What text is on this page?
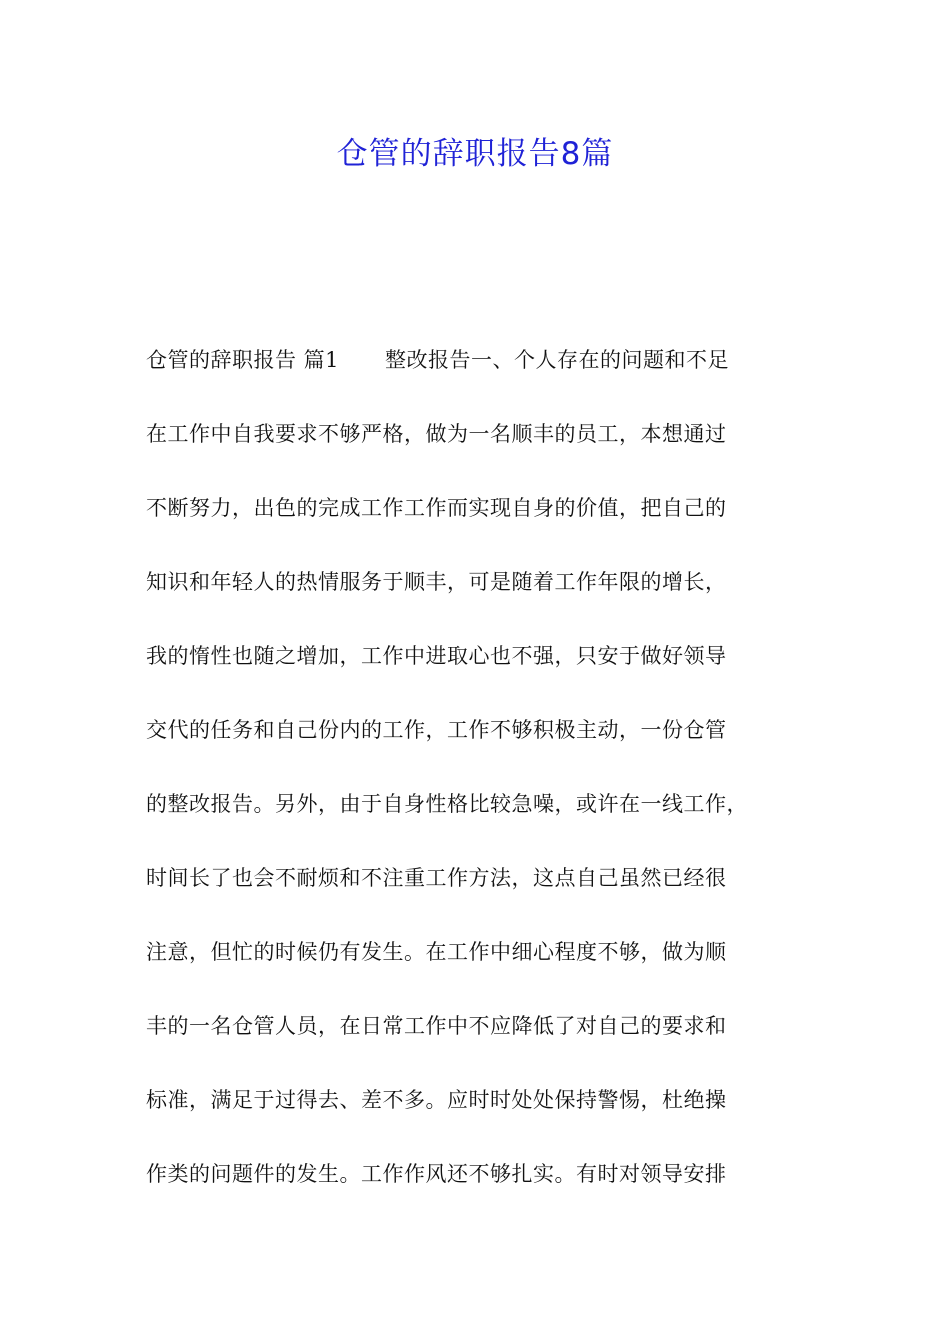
仓管的辞职报告8篇
仓管的辞职报告 篇1 整改报告一、个人存在的问题和不足
在工作中自我要求不够严格，做为一名顺丰的员工，本想通过
不断努力，出色的完成工作工作而实现自身的价值，把自己的
知识和年轻人的热情服务于顺丰，可是随着工作年限的增长，
我的惰性也随之增加，工作中进取心也不强，只安于做好领导
交代的任务和自己份内的工作，工作不够积极主动，一份仓管
的整改报告。另外，由于自身性格比较急噪，或许在一线工作，
时间长了也会不耐烦和不注重工作方法，这点自己虽然已经很
注意，但忙的时候仍有发生。在工作中细心程度不够，做为顺
丰的一名仓管人员，在日常工作中不应降低了对自己的要求和
标准，满足于过得去、差不多。应时时处处保持警惕，杜绝操
作类的问题件的发生。工作作风还不够扎实。有时对领导安排
